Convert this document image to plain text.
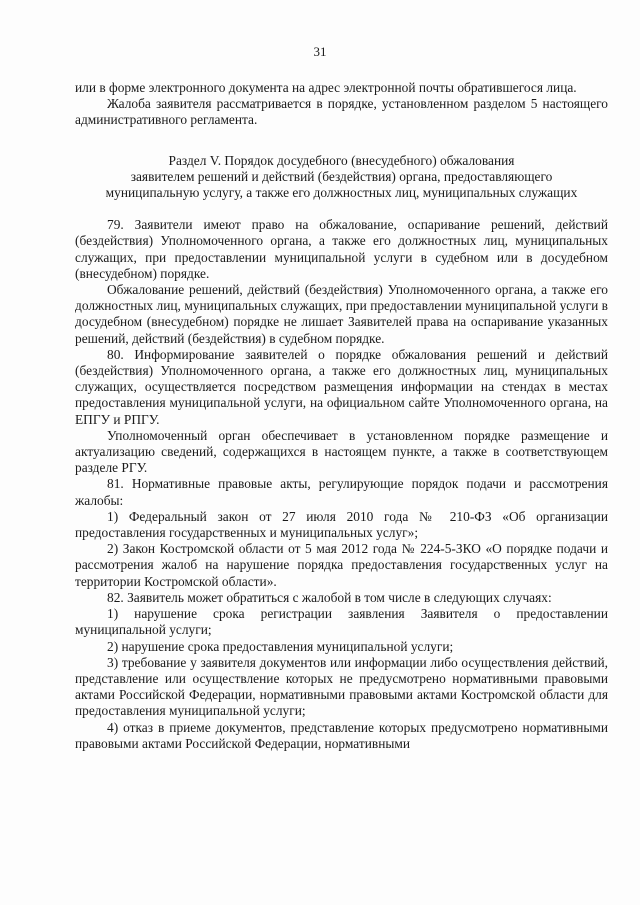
31

или в форме электронного документа на адрес электронной почты обратившегося лица.

Жалоба заявителя рассматривается в порядке, установленном разделом 5 настоящего административного регламента.

Раздел V. Порядок досудебного (внесудебного) обжалования
заявителем решений и действий (бездействия) органа, предоставляющего
муниципальную услугу, а также его должностных лиц, муниципальных служащих

79. Заявители имеют право на обжалование, оспаривание решений, действий (бездействия) Уполномоченного органа, а также его должностных лиц, муниципальных служащих, при предоставлении муниципальной услуги в судебном или в досудебном (внесудебном) порядке.

Обжалование решений, действий (бездействия) Уполномоченного органа, а также его должностных лиц, муниципальных служащих, при предоставлении муниципальной услуги в досудебном (внесудебном) порядке не лишает Заявителей права на оспаривание указанных решений, действий (бездействия) в судебном порядке.

80. Информирование заявителей о порядке обжалования решений и действий (бездействия) Уполномоченного органа, а также его должностных лиц, муниципальных служащих, осуществляется посредством размещения информации на стендах в местах предоставления муниципальной услуги, на официальном сайте Уполномоченного органа, на ЕПГУ и РПГУ.

Уполномоченный орган обеспечивает в установленном порядке размещение и актуализацию сведений, содержащихся в настоящем пункте, а также в соответствующем разделе РГУ.

81. Нормативные правовые акты, регулирующие порядок подачи и рассмотрения жалобы:

1) Федеральный закон от 27 июля 2010 года № 210-ФЗ «Об организации предоставления государственных и муниципальных услуг»;

2) Закон Костромской области от 5 мая 2012 года № 224-5-ЗКО «О порядке подачи и рассмотрения жалоб на нарушение порядка предоставления государственных услуг на территории Костромской области».

82. Заявитель может обратиться с жалобой в том числе в следующих случаях:

1) нарушение срока регистрации заявления Заявителя о предоставлении муниципальной услуги;

2) нарушение срока предоставления муниципальной услуги;

3) требование у заявителя документов или информации либо осуществления действий, представление или осуществление которых не предусмотрено нормативными правовыми актами Российской Федерации, нормативными правовыми актами Костромской области для предоставления муниципальной услуги;

4) отказ в приеме документов, представление которых предусмотрено нормативными правовыми актами Российской Федерации, нормативными
